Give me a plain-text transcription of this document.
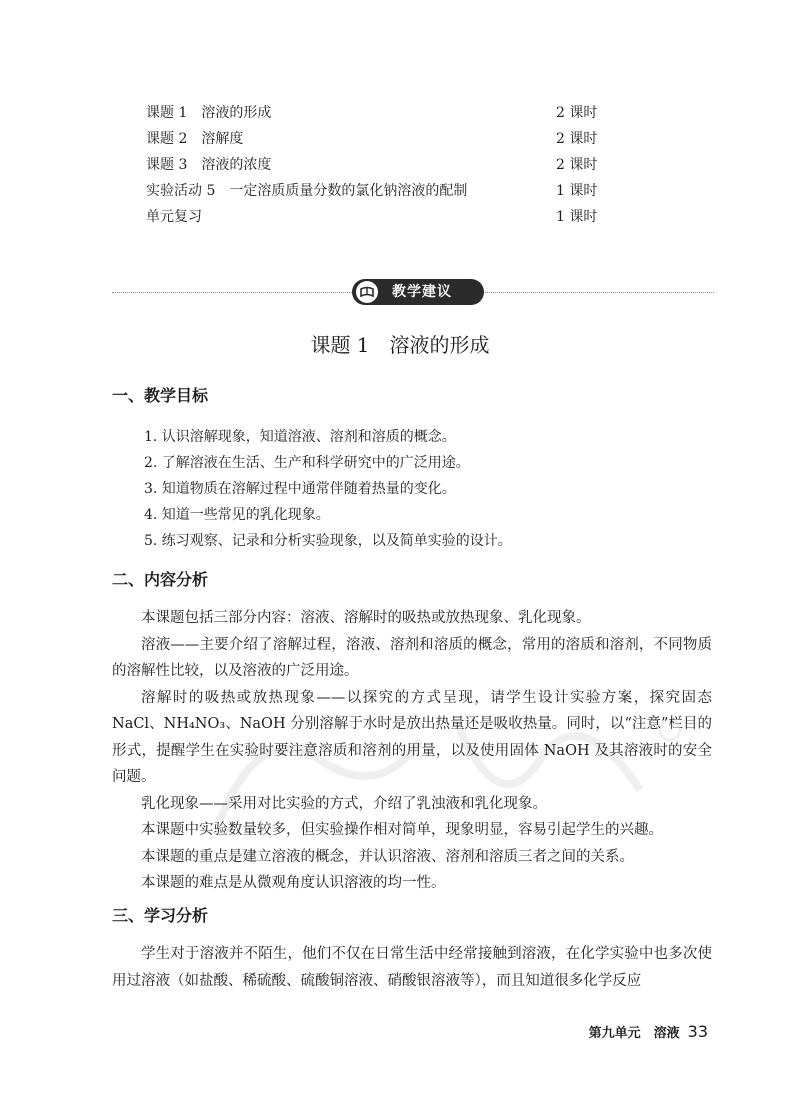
课题 1　溶液的形成	2 课时
课题 2　溶解度	2 课时
课题 3　溶液的浓度	2 课时
实验活动 5　一定溶质质量分数的氯化钠溶液的配制	1 课时
单元复习	1 课时
教学建议
课题 1　溶液的形成
一、教学目标
1. 认识溶解现象，知道溶液、溶剂和溶质的概念。
2. 了解溶液在生活、生产和科学研究中的广泛用途。
3. 知道物质在溶解过程中通常伴随着热量的变化。
4. 知道一些常见的乳化现象。
5. 练习观察、记录和分析实验现象，以及简单实验的设计。
二、内容分析

本课题包括三部分内容：溶液、溶解时的吸热或放热现象、乳化现象。

溶液——主要介绍了溶解过程，溶液、溶剂和溶质的概念，常用的溶质和溶剂，不同物质的溶解性比较，以及溶液的广泛用途。

溶解时的吸热或放热现象——以探究的方式呈现，请学生设计实验方案，探究固态 NaCl、NH₄NO₃、NaOH 分别溶解于水时是放出热量还是吸收热量。同时，以“注意”栏目的形式，提醒学生在实验时要注意溶质和溶剂的用量，以及使用固体 NaOH 及其溶液时的安全问题。

乳化现象——采用对比实验的方式，介绍了乳浊液和乳化现象。

本课题中实验数量较多，但实验操作相对简单，现象明显，容易引起学生的兴趣。

本课题的重点是建立溶液的概念，并认识溶液、溶剂和溶质三者之间的关系。

本课题的难点是从微观角度认识溶液的均一性。

三、学习分析

学生对于溶液并不陌生，他们不仅在日常生活中经常接触到溶液，在化学实验中也多次使用过溶液（如盐酸、稀硫酸、硫酸铜溶液、硝酸银溶液等），而且知道很多化学反应

第九单元　溶液 33
